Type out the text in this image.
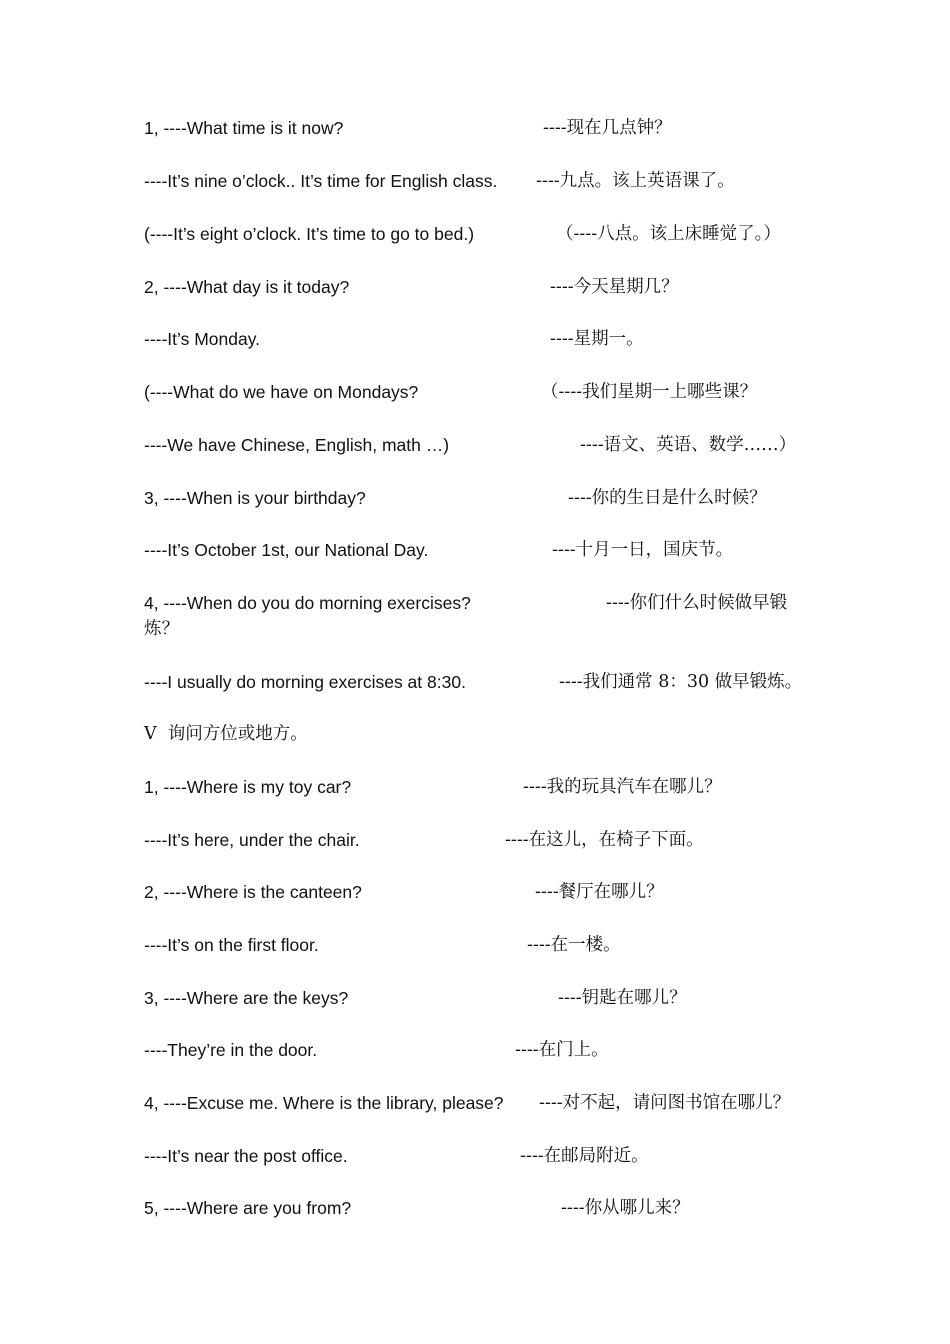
1, ----What time is it now?	----现在几点钟？
----It’s nine o’clock.. It’s time for English class. ----九点。该上英语课了。
(----It’s eight o’clock. It’s time to go to bed.)	（----八点。该上床睡觉了。）
2, ----What day is it today?	----今天星期几？
----It’s Monday.	----星期一。
(----What do we have on Mondays?	（----我们星期一上哪些课？
----We have Chinese, English, math …)	----语文、英语、数学……）
3, ----When is your birthday?	----你的生日是什么时候？
----It’s October 1st, our National Day.	----十月一日，国庆节。
4, ----When do you do morning exercises?	----你们什么时候做早锻
炼？
----I usually do morning exercises at 8:30.	----我们通常 8：30 做早锻炼。
V  询问方位或地方。
1, ----Where is my toy car?	----我的玩具汽车在哪儿？
----It’s here, under the chair.	----在这儿，在椅子下面。
2, ----Where is the canteen?	----餐厅在哪儿？
----It’s on the first floor.	----在一楼。
3, ----Where are the keys?	----钥匙在哪儿？
----They’re in the door.	----在门上。
4, ----Excuse me. Where is the library, please? ----对不起，请问图书馆在哪儿？
----It’s near the post office.	----在邮局附近。
5, ----Where are you from?	----你从哪儿来？
